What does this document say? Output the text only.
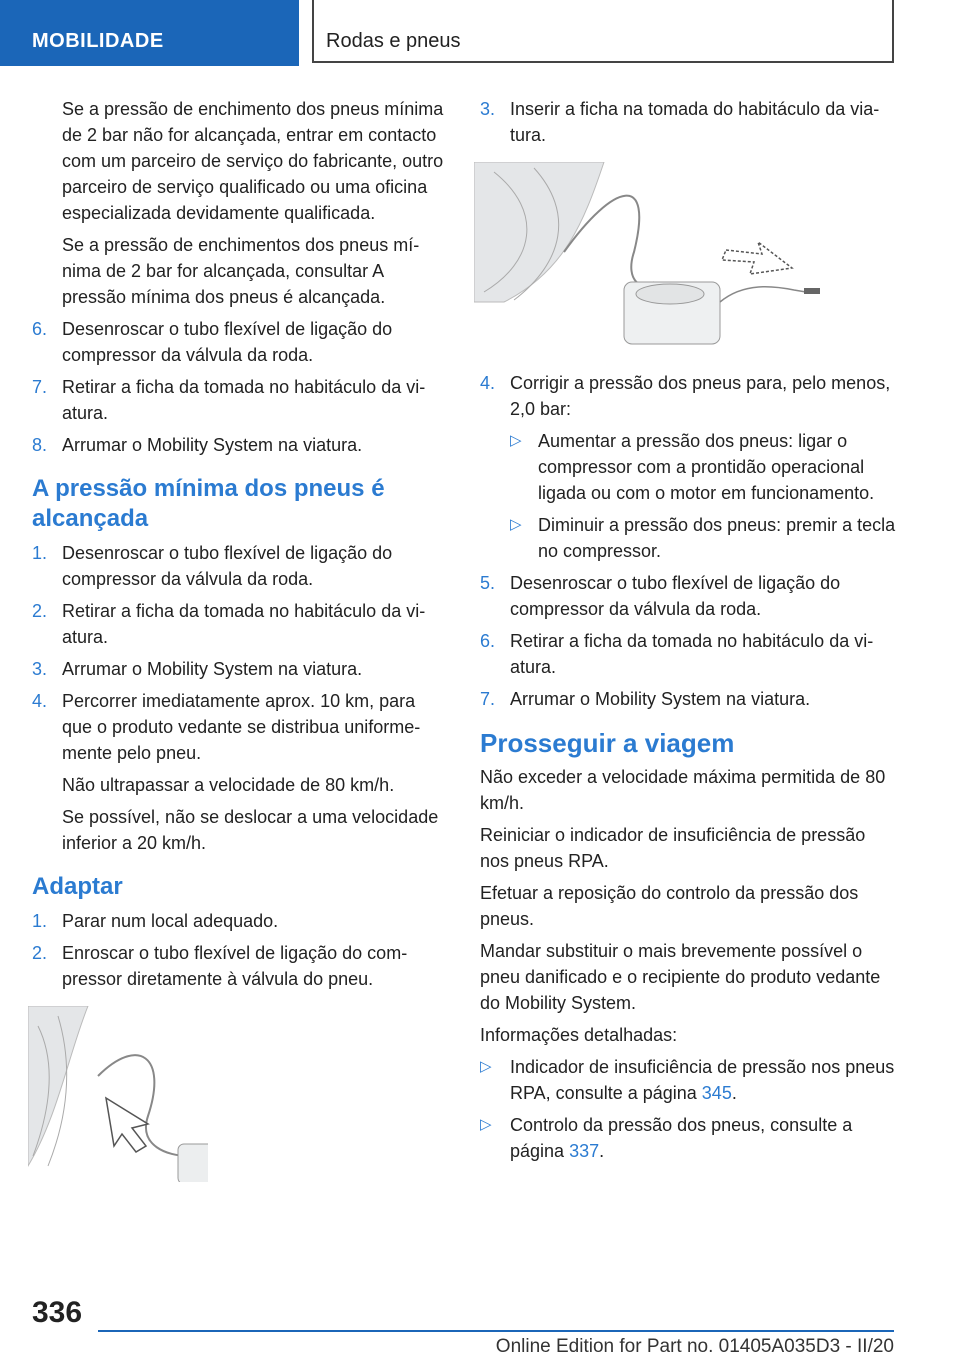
MOBILIDADE	Rodas e pneus

Se a pressão de enchimento dos pneus mínima de 2 bar não for alcançada, entrar em contacto com um parceiro de serviço do fabricante, outro parceiro de serviço qualificado ou uma oficina especializada devidamente qualificada.

Se a pressão de enchimentos dos pneus mínima de 2 bar for alcançada, consultar A pressão mínima dos pneus é alcançada.

6. Desenroscar o tubo flexível de ligação do compressor da válvula da roda.
7. Retirar a ficha da tomada no habitáculo da viatura.
8. Arrumar o Mobility System na viatura.
A pressão mínima dos pneus é alcançada
1. Desenroscar o tubo flexível de ligação do compressor da válvula da roda.
2. Retirar a ficha da tomada no habitáculo da viatura.
3. Arrumar o Mobility System na viatura.
4. Percorrer imediatamente aprox. 10 km, para que o produto vedante se distribua uniformemente pelo pneu.

Não ultrapassar a velocidade de 80 km/h.

Se possível, não se deslocar a uma velocidade inferior a 20 km/h.

Adaptar
1. Parar num local adequado.
2. Enroscar o tubo flexível de ligação do compressor diretamente à válvula do pneu.
3. Inserir a ficha na tomada do habitáculo da viatura.
4. Corrigir a pressão dos pneus para, pelo menos, 2,0 bar:
▷ Aumentar a pressão dos pneus: ligar o compressor com a prontidão operacional ligada ou com o motor em funcionamento.
▷ Diminuir a pressão dos pneus: premir a tecla no compressor.
5. Desenroscar o tubo flexível de ligação do compressor da válvula da roda.
6. Retirar a ficha da tomada no habitáculo da viatura.
7. Arrumar o Mobility System na viatura.
Prosseguir a viagem

Não exceder a velocidade máxima permitida de 80 km/h.

Reiniciar o indicador de insuficiência de pressão nos pneus RPA.

Efetuar a reposição do controlo da pressão dos pneus.

Mandar substituir o mais brevemente possível o pneu danificado e o recipiente do produto vedante do Mobility System.

Informações detalhadas:

▷ Indicador de insuficiência de pressão nos pneus RPA, consulte a página 345.
▷ Controlo da pressão dos pneus, consulte a página 337.
336
Online Edition for Part no. 01405A035D3 - II/20
